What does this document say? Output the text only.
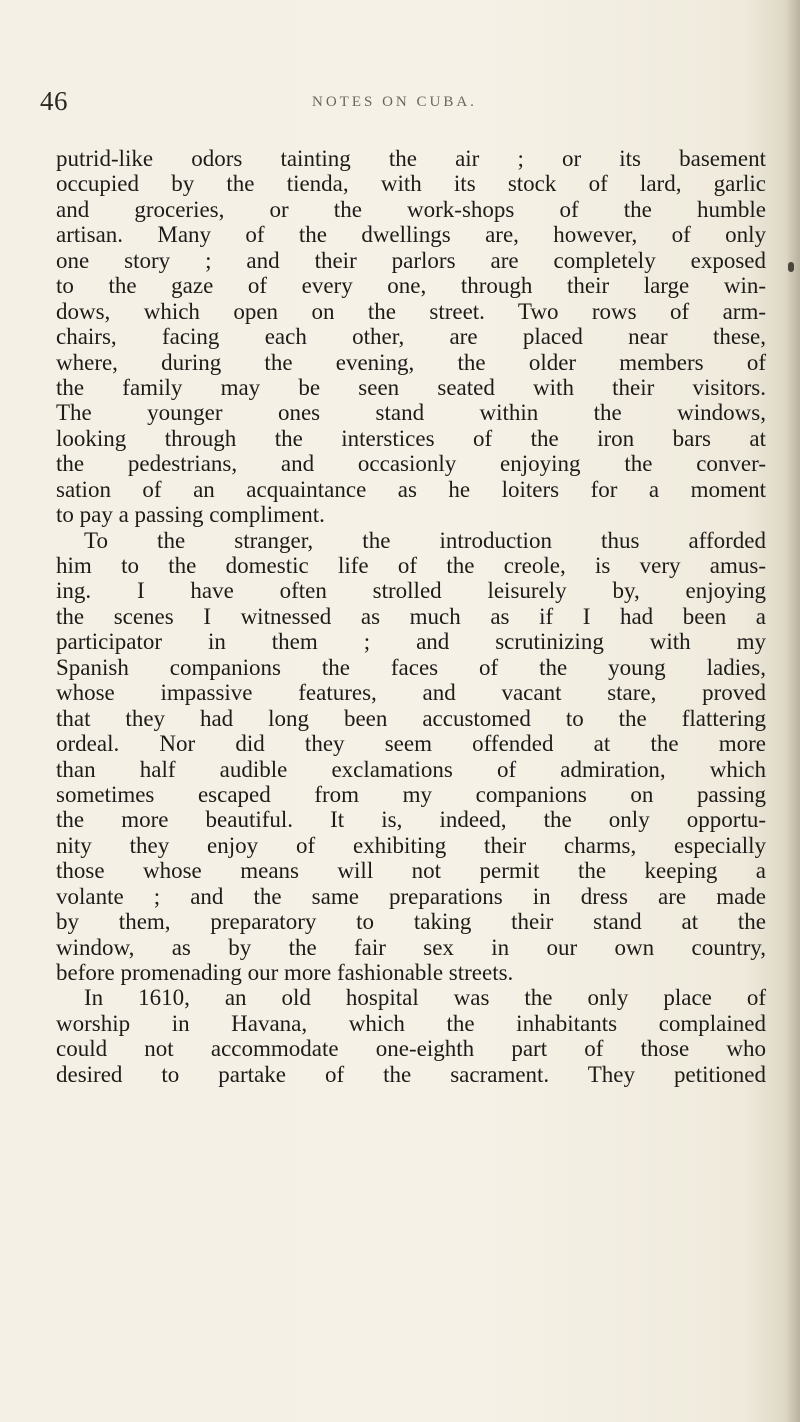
46	NOTES ON CUBA.
putrid-like odors tainting the air ; or its basement
occupied by the tienda, with its stock of lard, garlic
and groceries, or the work-shops of the humble
artisan. Many of the dwellings are, however, of only
one story ; and their parlors are completely exposed
to the gaze of every one, through their large win-
dows, which open on the street. Two rows of arm-
chairs, facing each other, are placed near these,
where, during the evening, the older members of
the family may be seen seated with their visitors.
The younger ones stand within the windows,
looking through the interstices of the iron bars at
the pedestrians, and occasionly enjoying the conver-
sation of an acquaintance as he loiters for a moment
to pay a passing compliment.
To the stranger, the introduction thus afforded
him to the domestic life of the creole, is very amus-
ing. I have often strolled leisurely by, enjoying
the scenes I witnessed as much as if I had been a
participator in them ; and scrutinizing with my
Spanish companions the faces of the young ladies,
whose impassive features, and vacant stare, proved
that they had long been accustomed to the flattering
ordeal. Nor did they seem offended at the more
than half audible exclamations of admiration, which
sometimes escaped from my companions on passing
the more beautiful. It is, indeed, the only opportu-
nity they enjoy of exhibiting their charms, especially
those whose means will not permit the keeping a
volante ; and the same preparations in dress are made
by them, preparatory to taking their stand at the
window, as by the fair sex in our own country,
before promenading our more fashionable streets.
In 1610, an old hospital was the only place of
worship in Havana, which the inhabitants complained
could not accommodate one-eighth part of those who
desired to partake of the sacrament. They petitioned
